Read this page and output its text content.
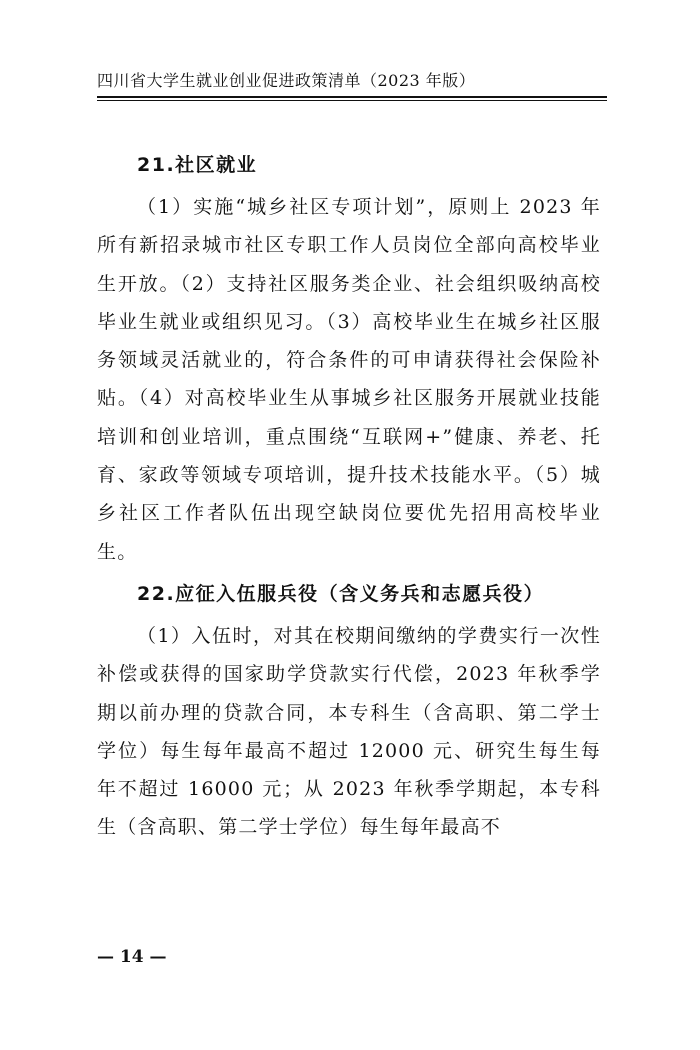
四川省大学生就业创业促进政策清单（2023 年版）
21.社区就业

（1）实施“城乡社区专项计划”，原则上 2023 年所有新招录城市社区专职工作人员岗位全部向高校毕业生开放。（2）支持社区服务类企业、社会组织吸纳高校毕业生就业或组织见习。（3）高校毕业生在城乡社区服务领域灵活就业的，符合条件的可申请获得社会保险补贴。（4）对高校毕业生从事城乡社区服务开展就业技能培训和创业培训，重点围绕“互联网+”健康、养老、托育、家政等领域专项培训，提升技术技能水平。（5）城乡社区工作者队伍出现空缺岗位要优先招用高校毕业生。

22.应征入伍服兵役（含义务兵和志愿兵役）

（1）入伍时，对其在校期间缴纳的学费实行一次性补偿或获得的国家助学贷款实行代偿，2023 年秋季学期以前办理的贷款合同，本专科生（含高职、第二学士学位）每生每年最高不超过 12000 元、研究生每生每年不超过 16000 元；从 2023 年秋季学期起，本专科生（含高职、第二学士学位）每生每年最高不

— 14 —
